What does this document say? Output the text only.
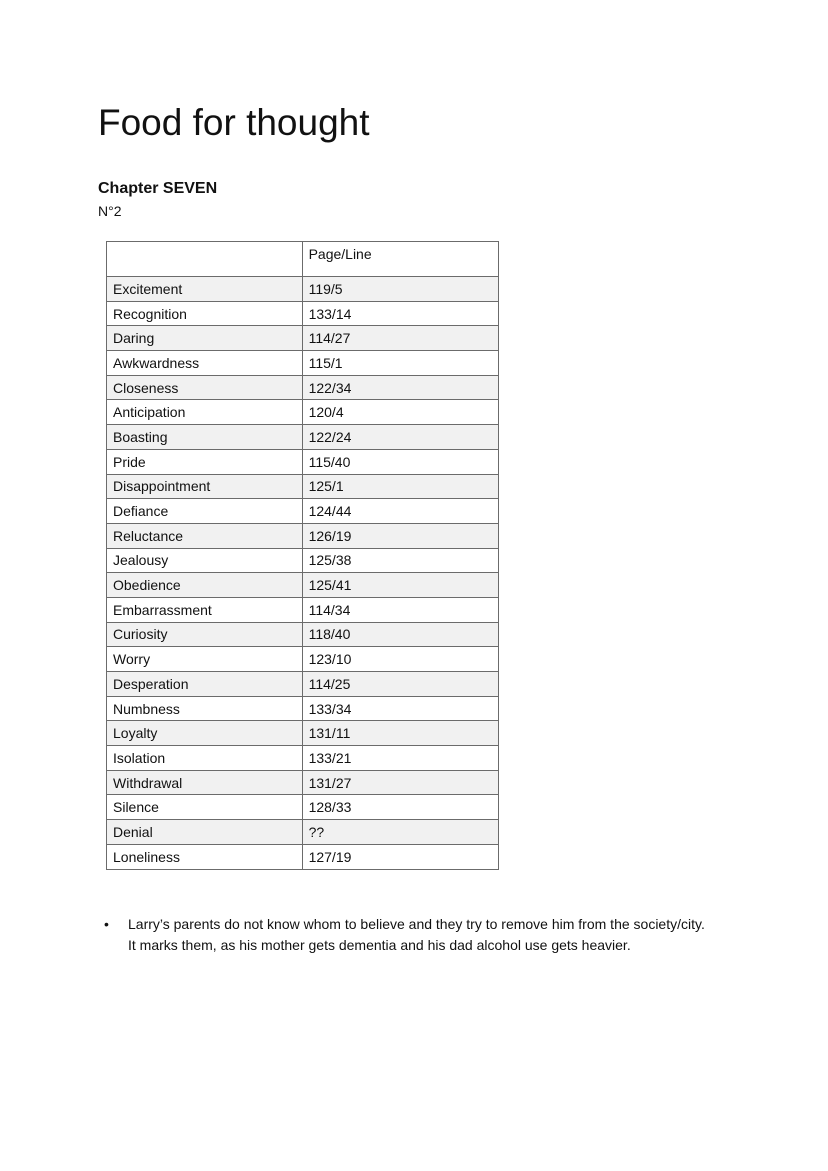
Food for thought
Chapter SEVEN

N°2

	Page/Line
Excitement	119/5
Recognition	133/14
Daring	114/27
Awkwardness	115/1
Closeness	122/34
Anticipation	120/4
Boasting	122/24
Pride	115/40
Disappointment	125/1
Defiance	124/44
Reluctance	126/19
Jealousy	125/38
Obedience	125/41
Embarrassment	114/34
Curiosity	118/40
Worry	123/10
Desperation	114/25
Numbness	133/34
Loyalty	131/11
Isolation	133/21
Withdrawal	131/27
Silence	128/33
Denial	??
Loneliness	127/19
• Larry’s parents do not know whom to believe and they try to remove him from the society/city. It marks them, as his mother gets dementia and his dad alcohol use gets heavier.
